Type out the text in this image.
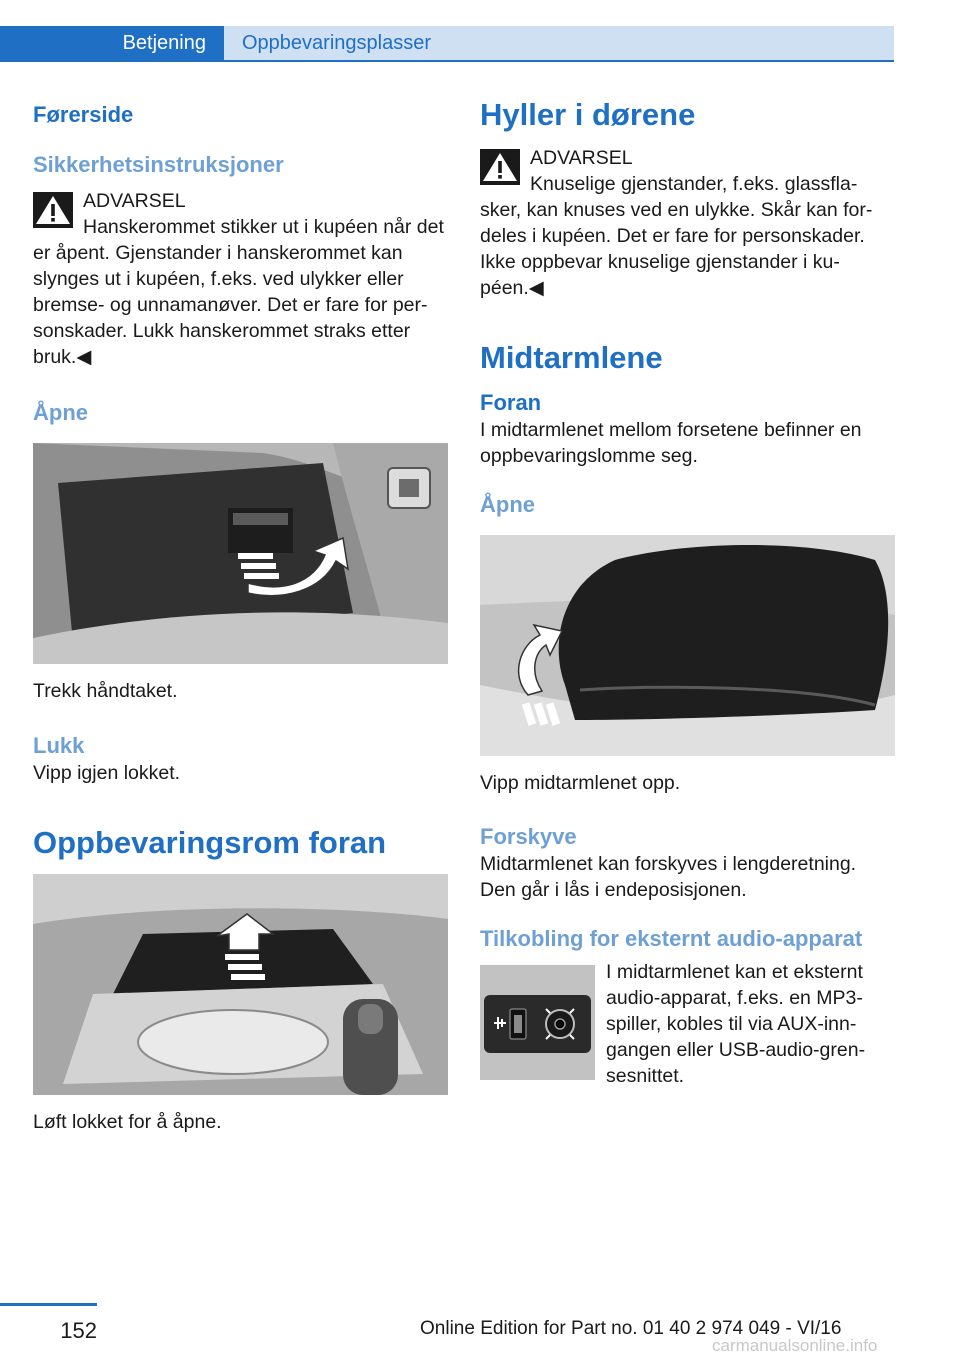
Betjening	Oppbevaringsplasser
Førerside
Sikkerhetsinstruksjoner
ADVARSEL
Hanskerommet stikker ut i kupéen når det er åpent. Gjenstander i hanskerommet kan slynges ut i kupéen, f.eks. ved ulykker eller bremse- og unnamanøver. Det er fare for per-sonskader. Lukk hanskerommet straks etter bruk.◀
Åpne
Trekk håndtaket.
Lukk
Vipp igjen lokket.
Oppbevaringsrom foran
Løft lokket for å åpne.
Hyller i dørene
ADVARSEL
Knuselige gjenstander, f.eks. glassfla-sker, kan knuses ved en ulykke. Skår kan for-deles i kupéen. Det er fare for personskader. Ikke oppbevar knuselige gjenstander i ku-péen.◀
Midtarmlene
Foran
I midtarmlenet mellom forsetene befinner en oppbevaringslomme seg.
Åpne
Vipp midtarmlenet opp.
Forskyve
Midtarmlenet kan forskyves i lengderetning. Den går i lås i endeposisjonen.
Tilkobling for eksternt audio-apparat
I midtarmlenet kan et eksternt audio-apparat, f.eks. en MP3-spiller, kobles til via AUX-inn-gangen eller USB-audio-gren-sesnittet.
152	Online Edition for Part no. 01 40 2 974 049 - VI/16
carmanualsonline.info
